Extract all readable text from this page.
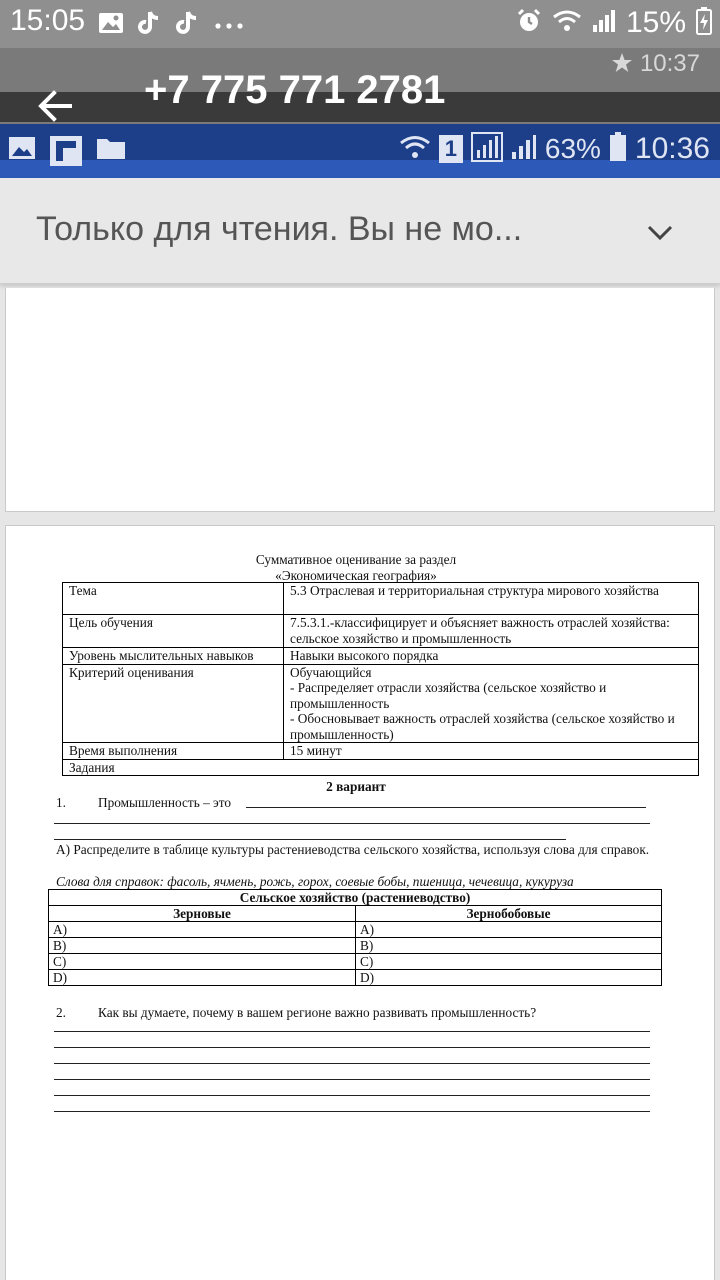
15:05	15%
10:37
+7 775 771 2781
1	63% 10:36
Только для чтения. Вы не мо...
Суммативное оценивание за раздел
«Экономическая география»
Тема	5.3 Отраслевая и территориальная структура мирового хозяйства
Цель обучения	7.5.3.1.-классифицирует и объясняет важность отраслей хозяйства: сельское хозяйство и промышленность
Уровень мыслительных навыков	Навыки высокого порядка
Критерий оценивания	Обучающийся
- Распределяет отрасли хозяйства (сельское хозяйство и промышленность
- Обосновывает важность отраслей хозяйства (сельское хозяйство и промышленность)

Время выполнения	15 минут
Задания	
2 вариант
1. Промышленность – это
А) Распределите в таблице культуры растениеводства сельского хозяйства, используя слова для справок.
Слова для справок: фасоль, ячмень, рожь, горох, соевые бобы, пшеница, чечевица, кукуруза
Сельское хозяйство (растениеводство)	
Зерновые	Зернобобовые
A)	A)
B)	B)
C)	C)
D)	D)
2. Как вы думаете, почему в вашем регионе важно развивать промышленность?
